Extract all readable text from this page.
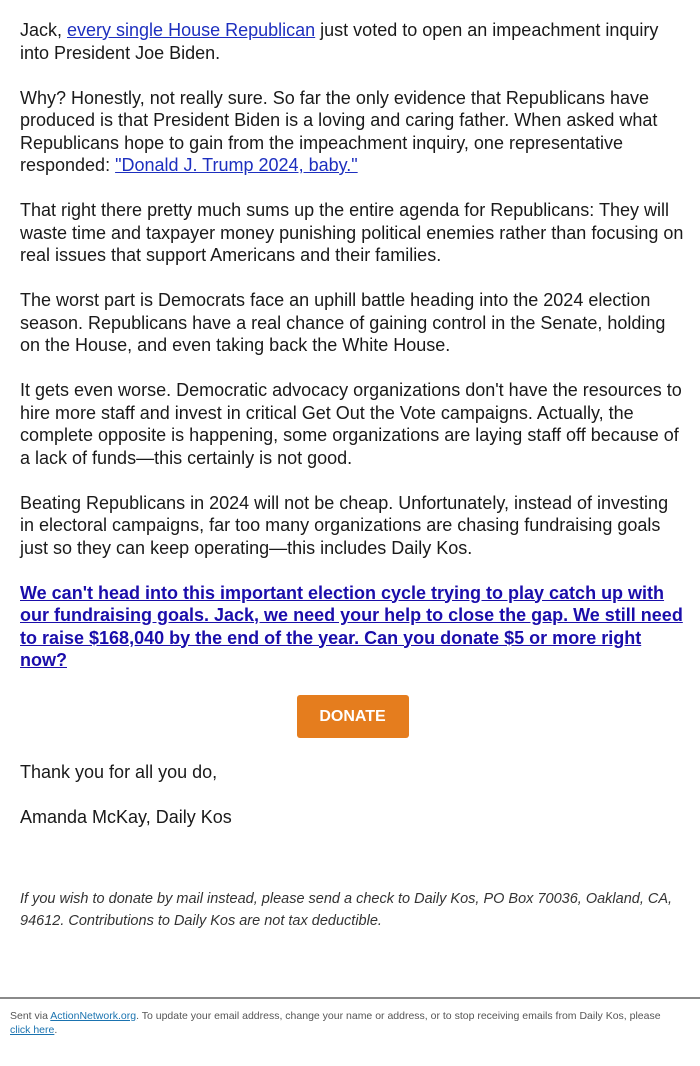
Jack, every single House Republican just voted to open an impeachment inquiry into President Joe Biden.

Why? Honestly, not really sure. So far the only evidence that Republicans have produced is that President Biden is a loving and caring father. When asked what Republicans hope to gain from the impeachment inquiry, one representative responded: "Donald J. Trump 2024, baby."

That right there pretty much sums up the entire agenda for Republicans: They will waste time and taxpayer money punishing political enemies rather than focusing on real issues that support Americans and their families.

The worst part is Democrats face an uphill battle heading into the 2024 election season. Republicans have a real chance of gaining control in the Senate, holding on the House, and even taking back the White House.

It gets even worse. Democratic advocacy organizations don't have the resources to hire more staff and invest in critical Get Out the Vote campaigns. Actually, the complete opposite is happening, some organizations are laying staff off because of a lack of funds—this certainly is not good.

Beating Republicans in 2024 will not be cheap. Unfortunately, instead of investing in electoral campaigns, far too many organizations are chasing fundraising goals just so they can keep operating—this includes Daily Kos.

We can't head into this important election cycle trying to play catch up with our fundraising goals. Jack, we need your help to close the gap. We still need to raise $168,040 by the end of the year. Can you donate $5 or more right now?
DONATE

Thank you for all you do,

Amanda McKay, Daily Kos

If you wish to donate by mail instead, please send a check to Daily Kos, PO Box 70036, Oakland, CA, 94612. Contributions to Daily Kos are not tax deductible.
Sent via ActionNetwork.org. To update your email address, change your name or address, or to stop receiving emails from Daily Kos, please click here.
